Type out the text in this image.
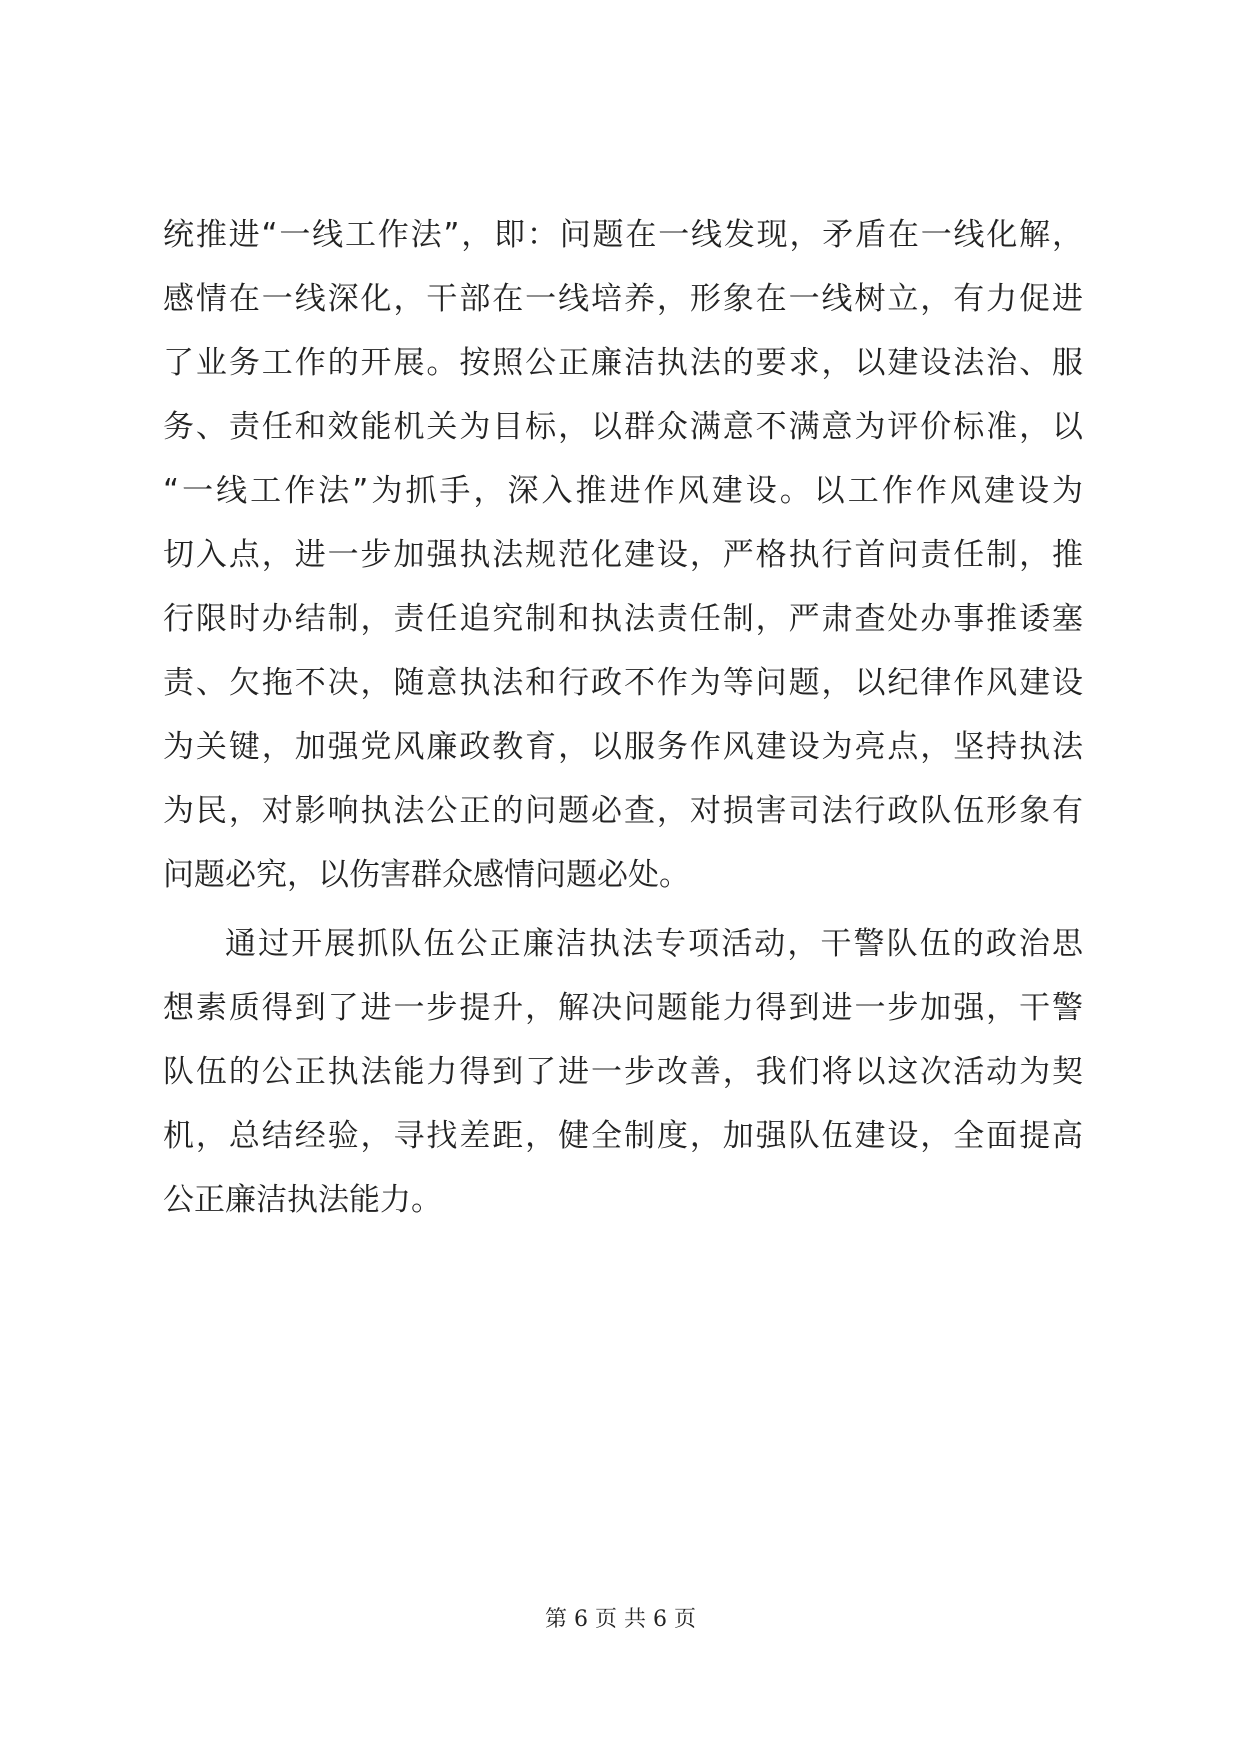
统推进“一线工作法”，即：问题在一线发现，矛盾在一线化解，
感情在一线深化，干部在一线培养，形象在一线树立，有力促进
了业务工作的开展。按照公正廉洁执法的要求，以建设法治、服
务、责任和效能机关为目标，以群众满意不满意为评价标准，以
“一线工作法”为抓手，深入推进作风建设。以工作作风建设为
切入点，进一步加强执法规范化建设，严格执行首问责任制，推
行限时办结制，责任追究制和执法责任制，严肃查处办事推诿塞
责、欠拖不决，随意执法和行政不作为等问题，以纪律作风建设
为关键，加强党风廉政教育，以服务作风建设为亮点，坚持执法
为民，对影响执法公正的问题必查，对损害司法行政队伍形象有
问题必究，以伤害群众感情问题必处。
通过开展抓队伍公正廉洁执法专项活动，干警队伍的政治思
想素质得到了进一步提升，解决问题能力得到进一步加强，干警
队伍的公正执法能力得到了进一步改善，我们将以这次活动为契
机，总结经验，寻找差距，健全制度，加强队伍建设，全面提高
公正廉洁执法能力。
第 6 页 共 6 页
